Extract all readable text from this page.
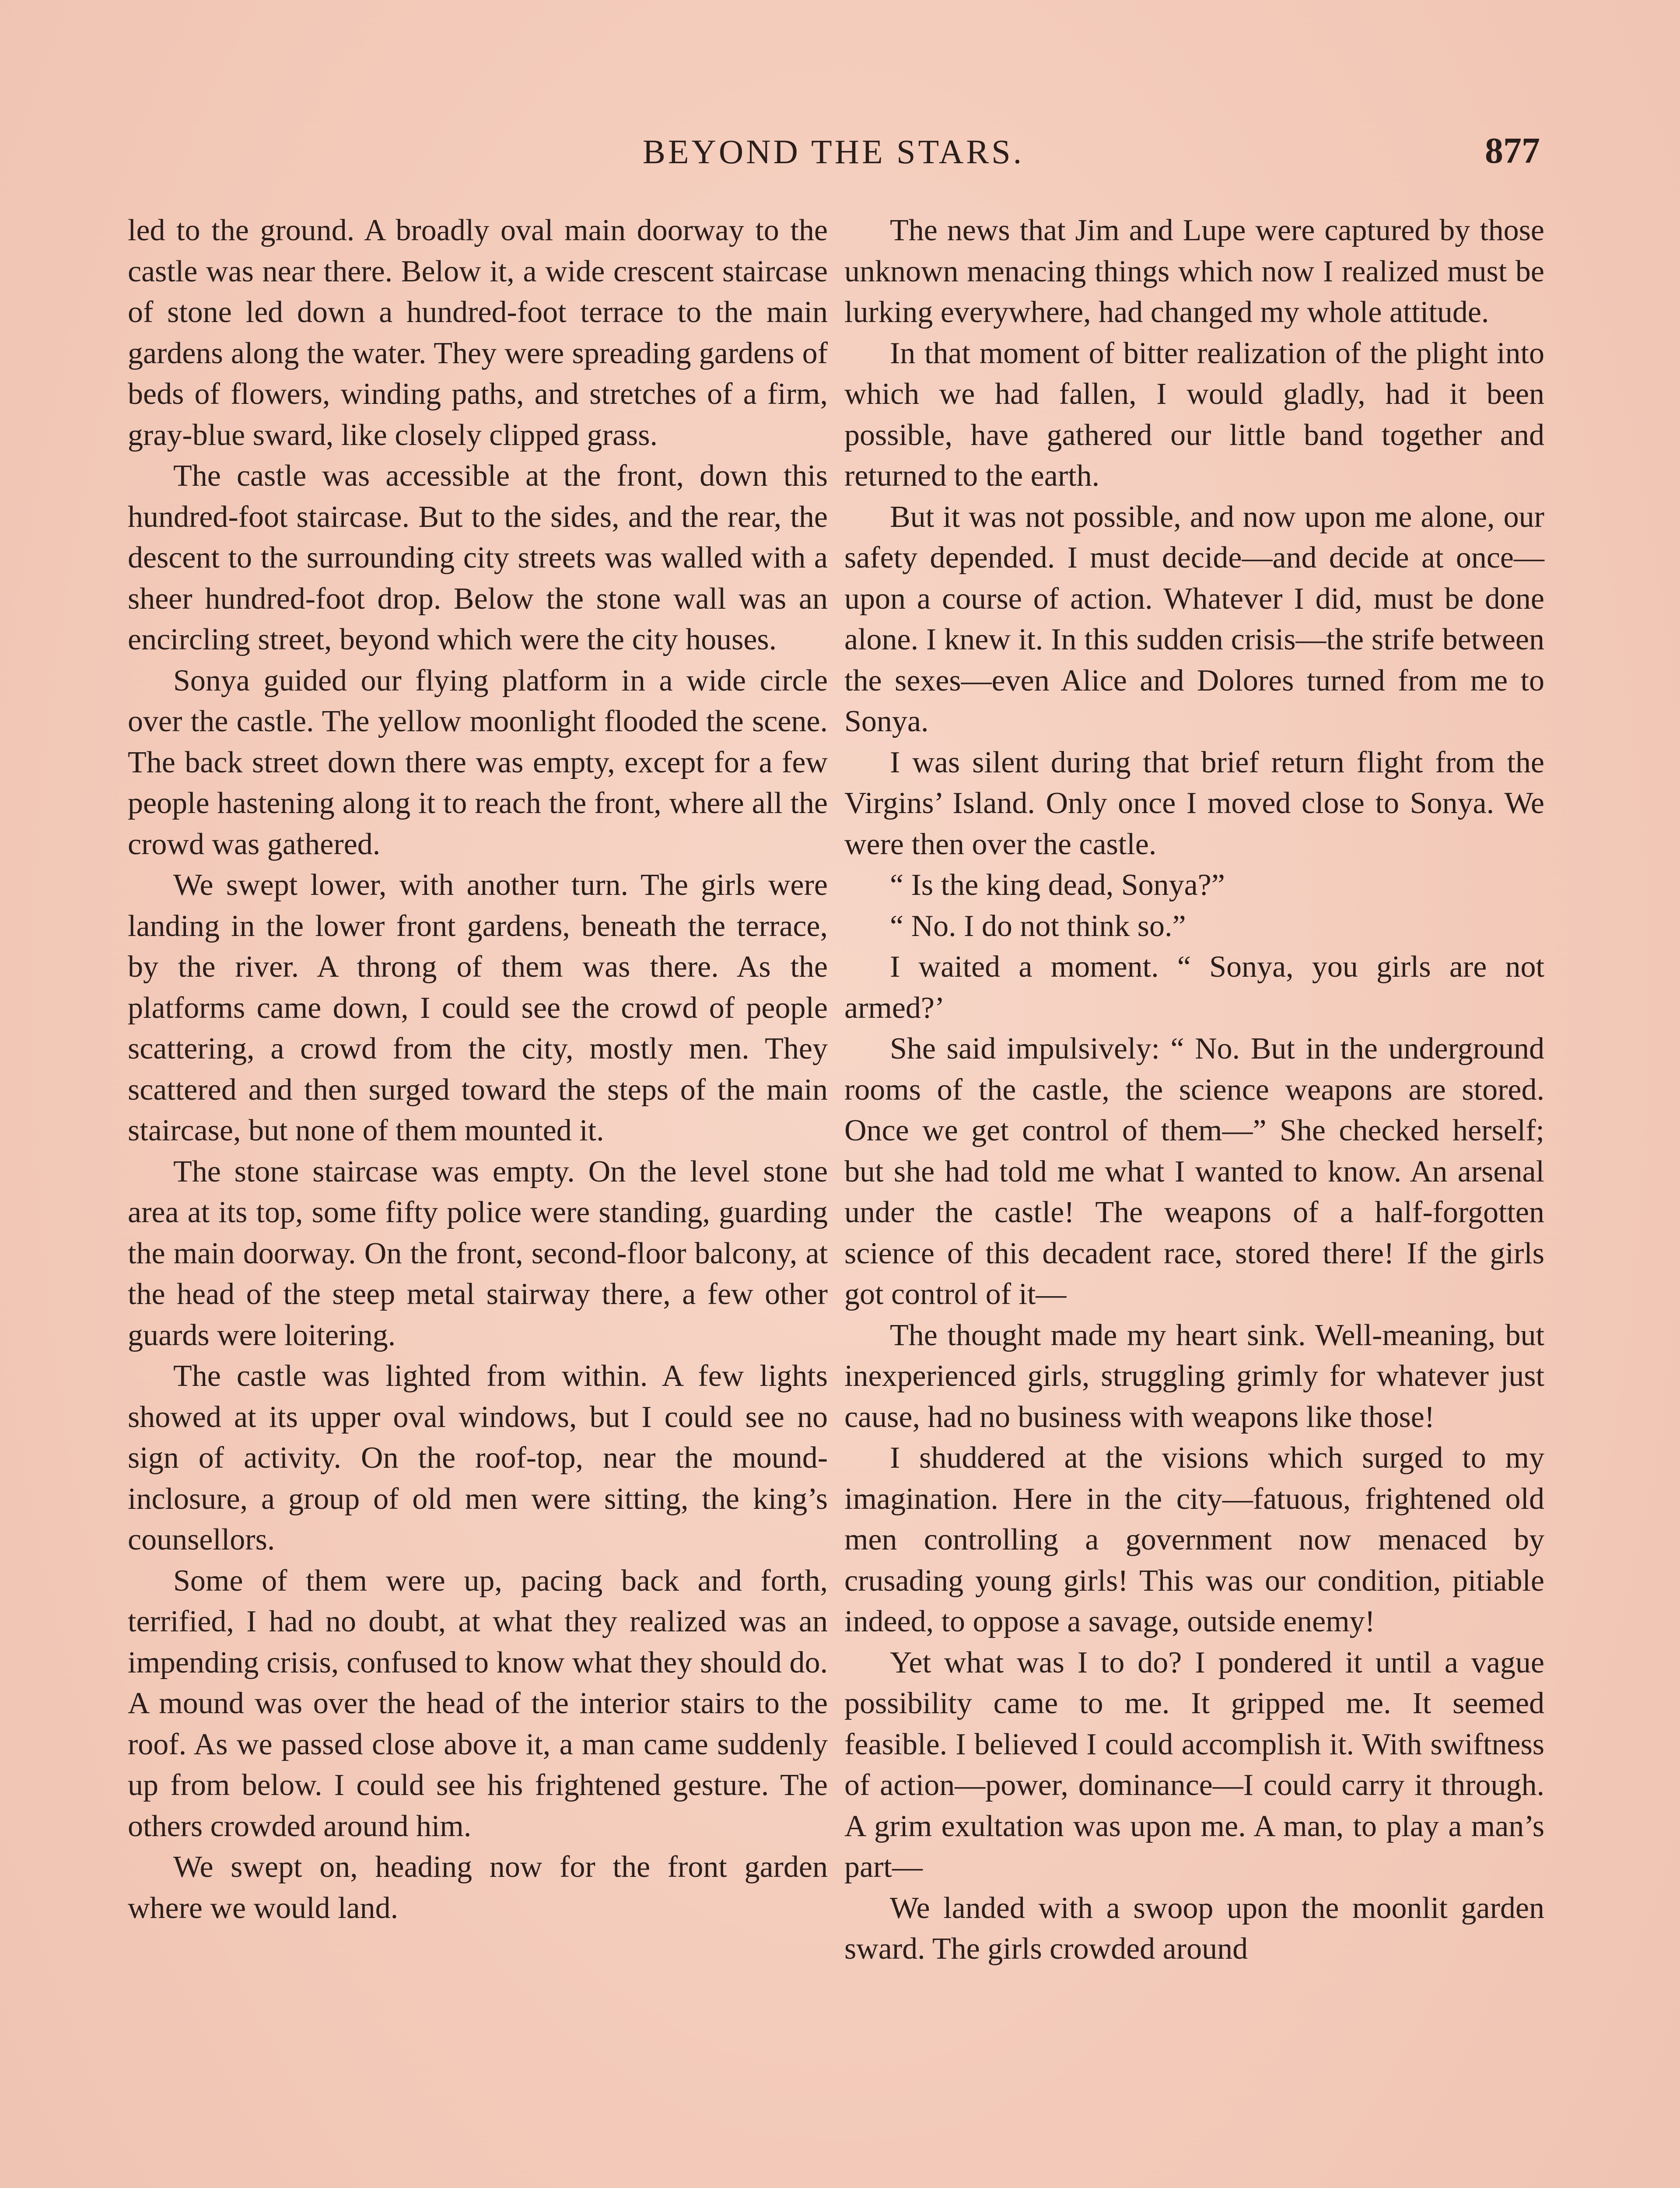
BEYOND THE STARS.	877

led to the ground. A broadly oval main doorway to the castle was near there. Below it, a wide crescent staircase of stone led down a hundred-foot terrace to the main gardens along the water. They were spreading gardens of beds of flowers, winding paths, and stretches of a firm, gray-blue sward, like closely clipped grass.

The castle was accessible at the front, down this hundred-foot staircase. But to the sides, and the rear, the descent to the surrounding city streets was walled with a sheer hundred-foot drop. Below the stone wall was an encircling street, beyond which were the city houses.

Sonya guided our flying platform in a wide circle over the castle. The yellow moonlight flooded the scene. The back street down there was empty, except for a few people hastening along it to reach the front, where all the crowd was gathered.

We swept lower, with another turn. The girls were landing in the lower front gardens, beneath the terrace, by the river. A throng of them was there. As the platforms came down, I could see the crowd of people scattering, a crowd from the city, mostly men. They scattered and then surged toward the steps of the main staircase, but none of them mounted it.

The stone staircase was empty. On the level stone area at its top, some fifty police were standing, guarding the main doorway. On the front, second-floor balcony, at the head of the steep metal stairway there, a few other guards were loitering.

The castle was lighted from within. A few lights showed at its upper oval windows, but I could see no sign of activity. On the roof-top, near the mound-inclosure, a group of old men were sitting, the king’s counsellors.

Some of them were up, pacing back and forth, terrified, I had no doubt, at what they realized was an impending crisis, confused to know what they should do. A mound was over the head of the interior stairs to the roof. As we passed close above it, a man came suddenly up from below. I could see his frightened gesture. The others crowded around him.

We swept on, heading now for the front garden where we would land.

The news that Jim and Lupe were captured by those unknown menacing things which now I realized must be lurking everywhere, had changed my whole attitude.

In that moment of bitter realization of the plight into which we had fallen, I would gladly, had it been possible, have gathered our little band together and returned to the earth.

But it was not possible, and now upon me alone, our safety depended. I must decide—and decide at once—upon a course of action. Whatever I did, must be done alone. I knew it. In this sudden crisis—the strife between the sexes—even Alice and Dolores turned from me to Sonya.

I was silent during that brief return flight from the Virgins’ Island. Only once I moved close to Sonya. We were then over the castle.

“ Is the king dead, Sonya?”

“ No. I do not think so.”

I waited a moment. “ Sonya, you girls are not armed?’

She said impulsively: “ No. But in the underground rooms of the castle, the science weapons are stored. Once we get control of them—” She checked herself; but she had told me what I wanted to know. An arsenal under the castle! The weapons of a half-forgotten science of this decadent race, stored there! If the girls got control of it—

The thought made my heart sink. Well-meaning, but inexperienced girls, struggling grimly for whatever just cause, had no business with weapons like those!

I shuddered at the visions which surged to my imagination. Here in the city—fatuous, frightened old men controlling a government now menaced by crusading young girls! This was our condition, pitiable indeed, to oppose a savage, outside enemy!

Yet what was I to do? I pondered it until a vague possibility came to me. It gripped me. It seemed feasible. I believed I could accomplish it. With swiftness of action—power, dominance—I could carry it through. A grim exultation was upon me. A man, to play a man’s part—

We landed with a swoop upon the moonlit garden sward. The girls crowded around
